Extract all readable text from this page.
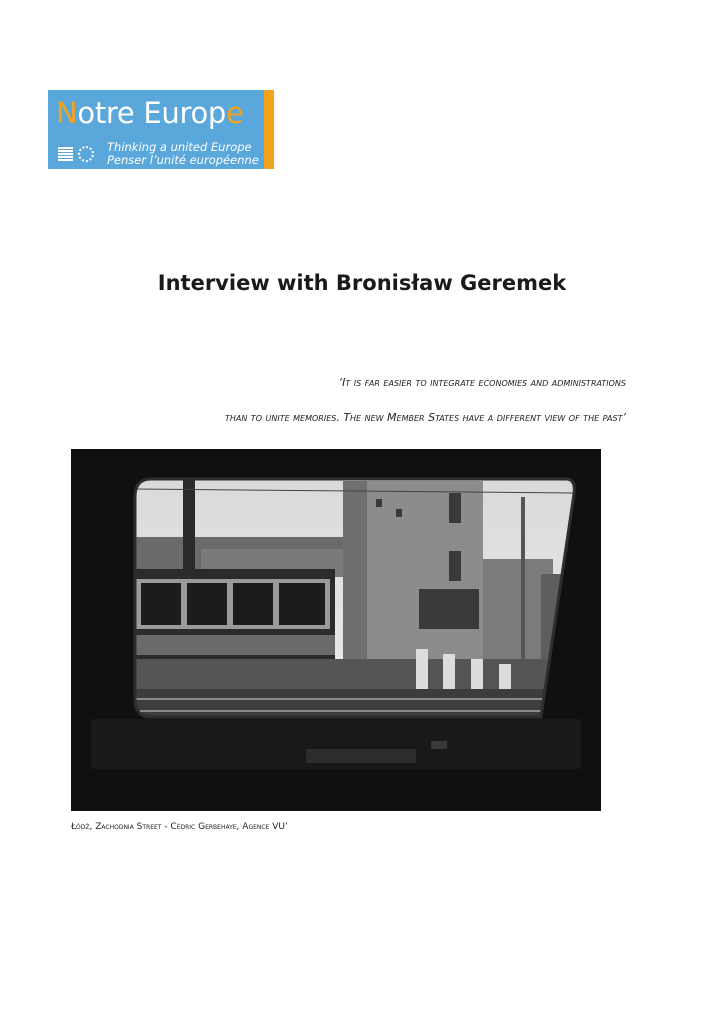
Notre Europe
Thinking a united Europe
Penser l’unité européenne
Interview with Bronisław Geremek
‘It is far easier to integrate economies and administrations
than to unite memories. The new Member States have a different view of the past’
Łódź, Zachodnia Street - Cédric Gerbehaye, Agence VU’
